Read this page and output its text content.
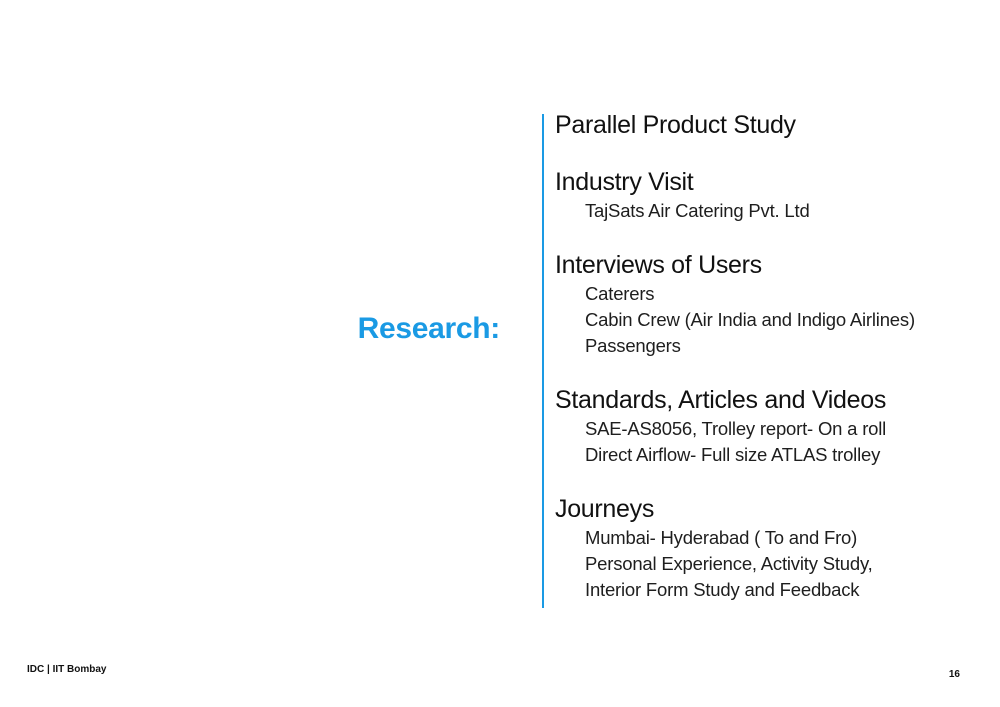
Research:
Parallel Product Study
Industry Visit
TajSats Air Catering Pvt. Ltd
Interviews of Users
Caterers
Cabin Crew (Air India and Indigo Airlines)
Passengers
Standards, Articles and Videos
SAE-AS8056, Trolley report- On a roll
Direct Airflow- Full size ATLAS trolley
Journeys
Mumbai- Hyderabad ( To and Fro)
Personal Experience, Activity Study,
Interior Form Study and Feedback
IDC | IIT Bombay	16
